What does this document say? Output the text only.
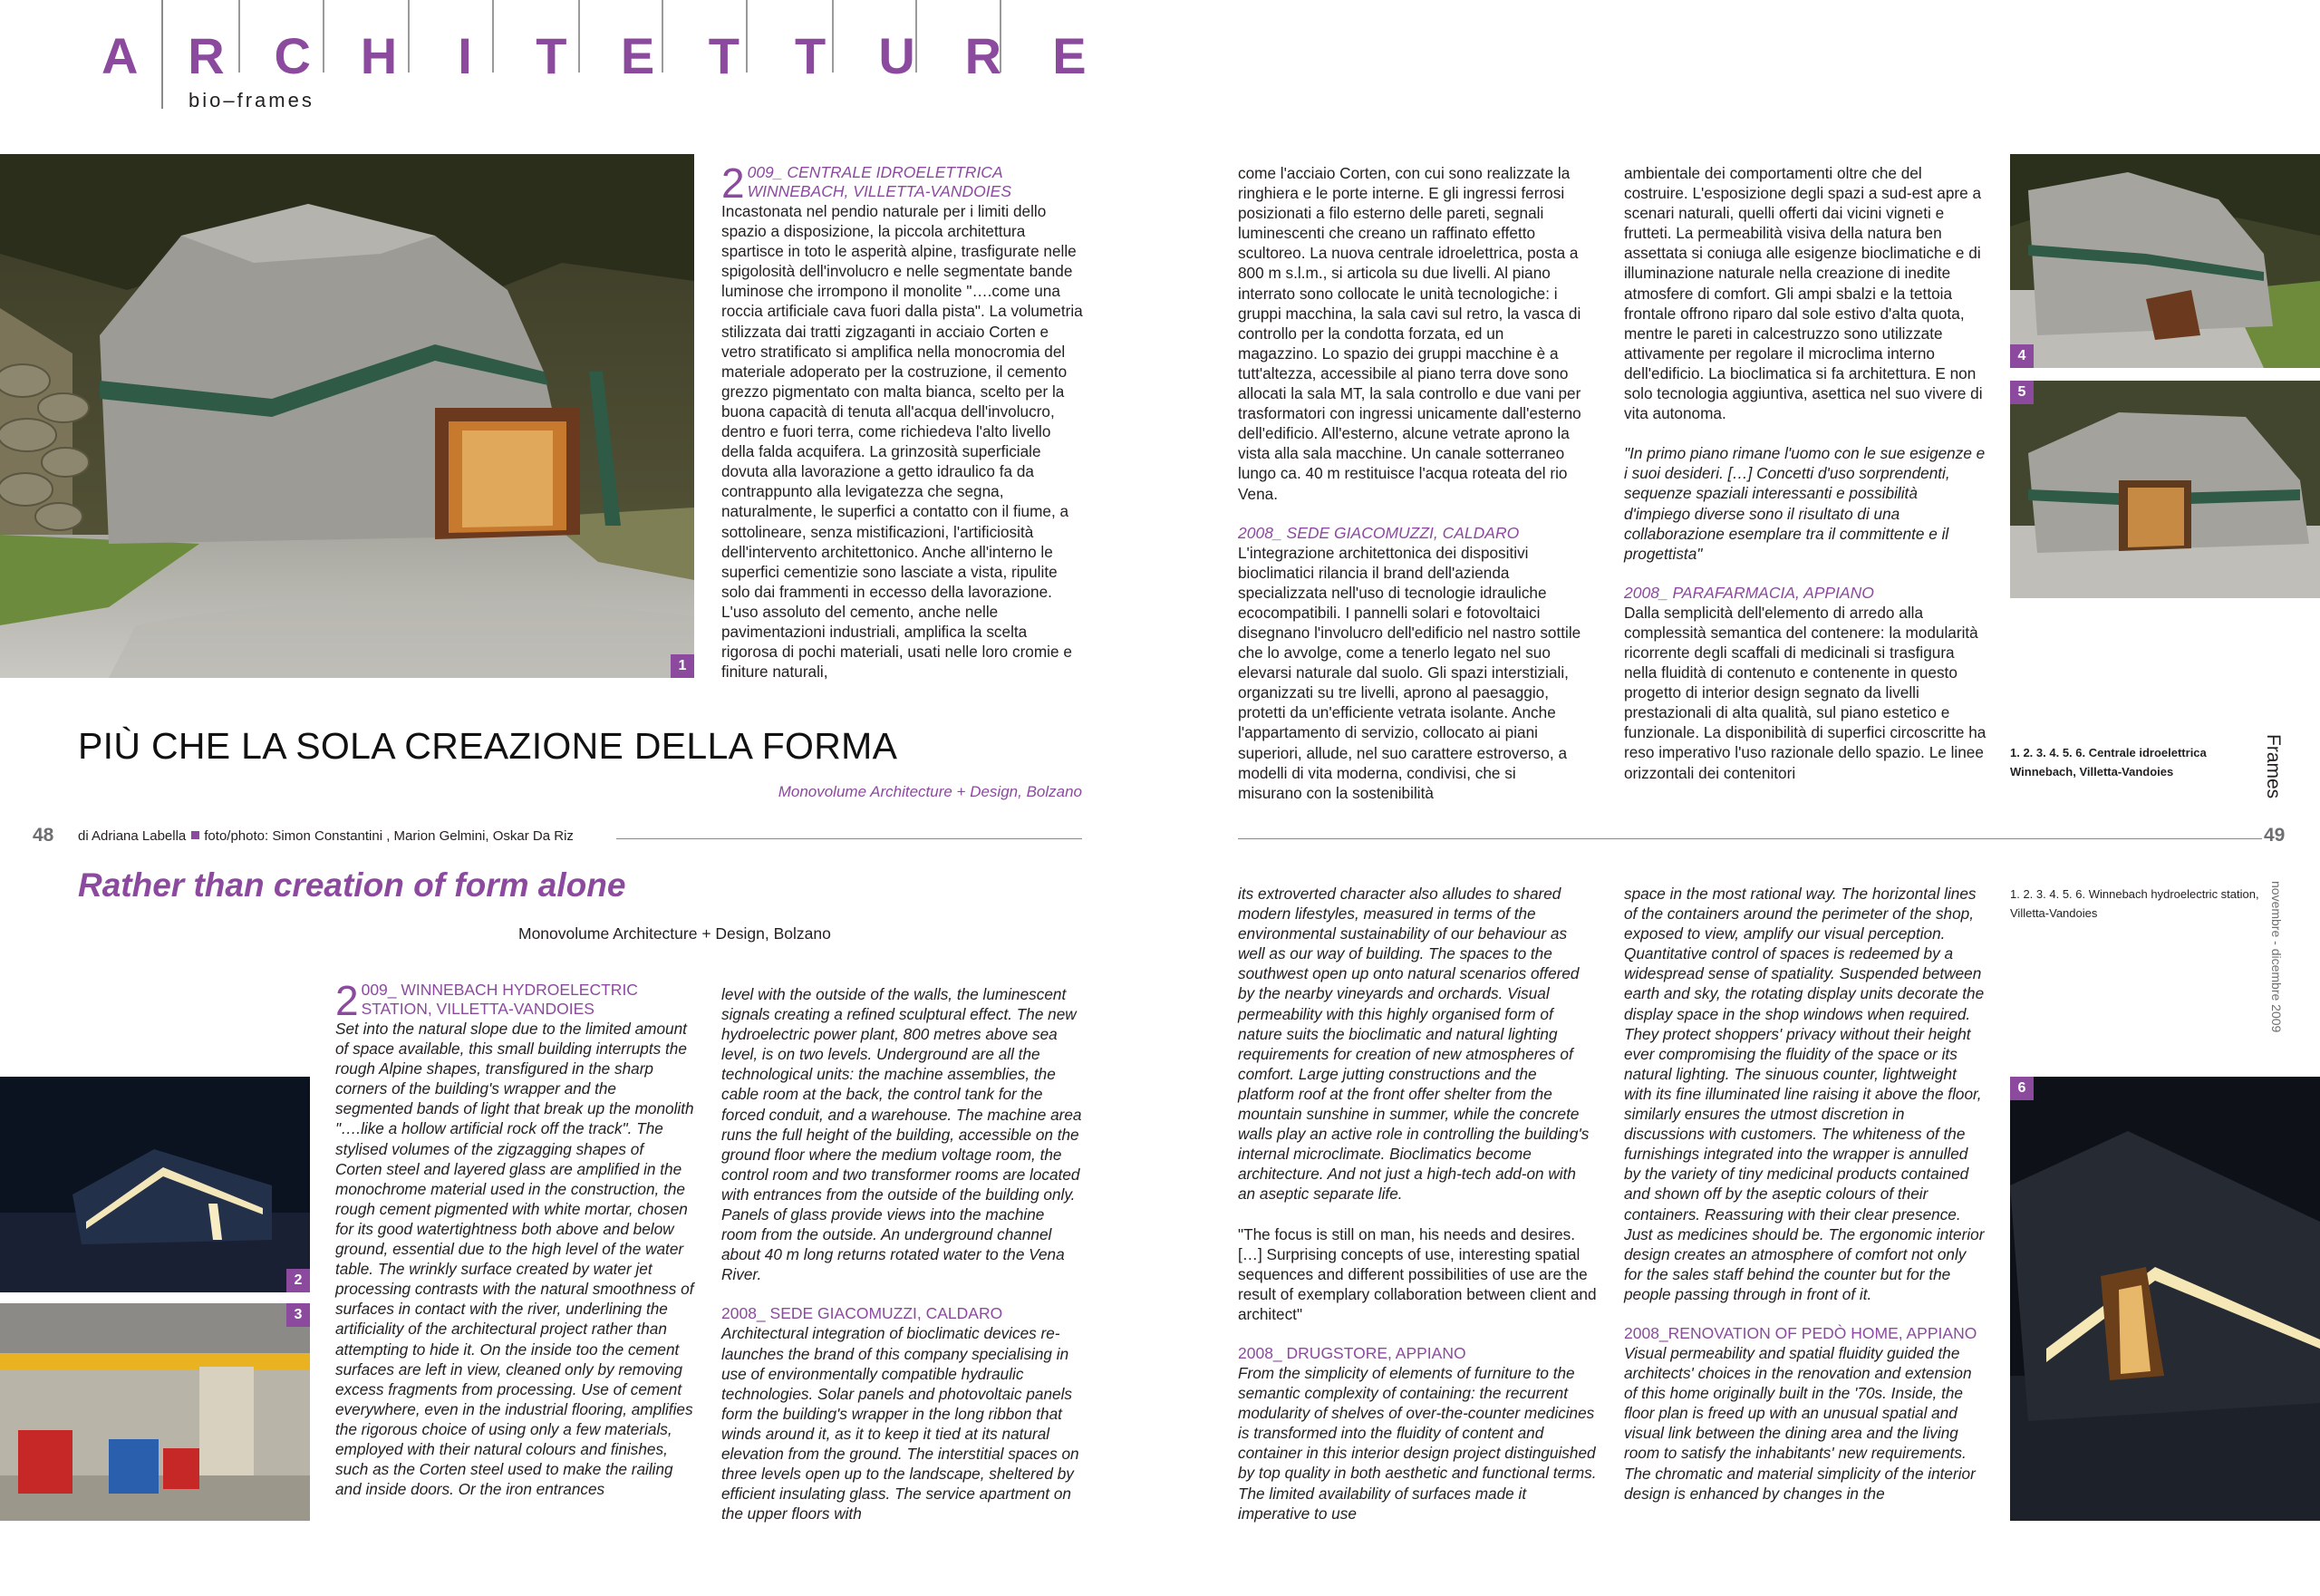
A R C H I T E T T U R E
bio–frames
1
4
5
2
3
6
2 009_ CENTRALE IDROELETTRICA
WINNEBACH, VILLETTA-VANDOIES

Incastonata nel pendio naturale per i limiti dello spazio a disposizione, la piccola architettura spartisce in toto le asperità alpine, trasfigurate nelle spigolosità dell'involucro e nelle segmentate bande luminose che irrompono il monolite "….come una roccia artificiale cava fuori dalla pista". La volumetria stilizzata dai tratti zigzaganti in acciaio Corten e vetro stratificato si amplifica nella monocromia del materiale adoperato per la costruzione, il cemento grezzo pigmentato con malta bianca, scelto per la buona capacità di tenuta all'acqua dell'involucro, dentro e fuori terra, come richiedeva l'alto livello della falda acquifera. La grinzosità superficiale dovuta alla lavorazione a getto idraulico fa da contrappunto alla levigatezza che segna, naturalmente, le superfici a contatto con il fiume, a sottolineare, senza mistificazioni, l'artificiosità dell'intervento architettonico. Anche all'interno le superfici cementizie sono lasciate a vista, ripulite solo dai frammenti in eccesso della lavorazione. L'uso assoluto del cemento, anche nelle pavimentazioni industriali, amplifica la scelta rigorosa di pochi materiali, usati nelle loro cromie e finiture naturali,

come l'acciaio Corten, con cui sono realizzate la ringhiera e le porte interne. E gli ingressi ferrosi posizionati a filo esterno delle pareti, segnali luminescenti che creano un raffinato effetto scultoreo. La nuova centrale idroelettrica, posta a 800 m s.l.m., si articola su due livelli. Al piano interrato sono collocate le unità tecnologiche: i gruppi macchina, la sala cavi sul retro, la vasca di controllo per la condotta forzata, ed un magazzino. Lo spazio dei gruppi macchine è a tutt'altezza, accessibile al piano terra dove sono allocati la sala MT, la sala controllo e due vani per trasformatori con ingressi unicamente dall'esterno dell'edificio. All'esterno, alcune vetrate aprono la vista alla sala macchine. Un canale sotterraneo lungo ca. 40 m restituisce l'acqua roteata del rio Vena.

2008_ SEDE GIACOMUZZI, CALDARO

L'integrazione architettonica dei dispositivi bioclimatici rilancia il brand dell'azienda specializzata nell'uso di tecnologie idrauliche ecocompatibili. I pannelli solari e fotovoltaici disegnano l'involucro dell'edificio nel nastro sottile che lo avvolge, come a tenerlo legato nel suo elevarsi naturale dal suolo. Gli spazi interstiziali, organizzati su tre livelli, aprono al paesaggio, protetti da un'efficiente vetrata isolante. Anche l'appartamento di servizio, collocato ai piani superiori, allude, nel suo carattere estroverso, a modelli di vita moderna, condivisi, che si misurano con la sostenibilità

ambientale dei comportamenti oltre che del costruire. L'esposizione degli spazi a sud-est apre a scenari naturali, quelli offerti dai vicini vigneti e frutteti. La permeabilità visiva della natura ben assettata si coniuga alle esigenze bioclimatiche e di illuminazione naturale nella creazione di inedite atmosfere di comfort. Gli ampi sbalzi e la tettoia frontale offrono riparo dal sole estivo d'alta quota, mentre le pareti in calcestruzzo sono utilizzate attivamente per regolare il microclima interno dell'edificio. La bioclimatica si fa architettura. E non solo tecnologia aggiuntiva, asettica nel suo vivere di vita autonoma.

"In primo piano rimane l'uomo con le sue esigenze e i suoi desideri. […] Concetti d'uso sorprendenti, sequenze spaziali interessanti e possibilità d'impiego diverse sono il risultato di una collaborazione esemplare tra il committente e il progettista"

2008_ PARAFARMACIA, APPIANO

Dalla semplicità dell'elemento di arredo alla complessità semantica del contenere: la modularità ricorrente degli scaffali di medicinali si trasfigura nella fluidità di contenuto e contenente in questo progetto di interior design segnato da livelli prestazionali di alta qualità, sul piano estetico e funzionale. La disponibilità di superfici circoscritte ha reso imperativo l'uso razionale dello spazio. Le linee orizzontali dei contenitori

PIÙ CHE LA SOLA CREAZIONE DELLA FORMA
Monovolume Architecture + Design, Bolzano
48 di Adriana Labella foto/photo: Simon Constantini , Marion Gelmini, Oskar Da Riz	49
Frames
novembre - dicembre 2009
1. 2. 3. 4. 5. 6. Centrale idroelettrica
Winnebach, Villetta-Vandoies
1. 2. 3. 4. 5. 6. Winnebach hydroelectric station,
Villetta-Vandoies
Rather than creation of form alone
Monovolume Architecture + Design, Bolzano
2 009_ WINNEBACH HYDROELECTRIC
STATION, VILLETTA-VANDOIES

Set into the natural slope due to the limited amount of space available, this small building interrupts the rough Alpine shapes, transfigured in the sharp corners of the building's wrapper and the segmented bands of light that break up the monolith "….like a hollow artificial rock off the track". The stylised volumes of the zigzagging shapes of Corten steel and layered glass are amplified in the monochrome material used in the construction, the rough cement pigmented with white mortar, chosen for its good watertightness both above and below ground, essential due to the high level of the water table. The wrinkly surface created by water jet processing contrasts with the natural smoothness of surfaces in contact with the river, underlining the artificiality of the architectural project rather than attempting to hide it. On the inside too the cement surfaces are left in view, cleaned only by removing excess fragments from processing. Use of cement everywhere, even in the industrial flooring, amplifies the rigorous choice of using only a few materials, employed with their natural colours and finishes, such as the Corten steel used to make the railing and inside doors. Or the iron entrances

level with the outside of the walls, the luminescent signals creating a refined sculptural effect. The new hydroelectric power plant, 800 metres above sea level, is on two levels. Underground are all the technological units: the machine assemblies, the cable room at the back, the control tank for the forced conduit, and a warehouse. The machine area runs the full height of the building, accessible on the ground floor where the medium voltage room, the control room and two transformer rooms are located with entrances from the outside of the building only. Panels of glass provide views into the machine room from the outside. An underground channel about 40 m long returns rotated water to the Vena River.

2008_ SEDE GIACOMUZZI, CALDARO

Architectural integration of bioclimatic devices re-launches the brand of this company specialising in use of environmentally compatible hydraulic technologies. Solar panels and photovoltaic panels form the building's wrapper in the long ribbon that winds around it, as it to keep it tied at its natural elevation from the ground. The interstitial spaces on three levels open up to the landscape, sheltered by efficient insulating glass. The service apartment on the upper floors with

its extroverted character also alludes to shared modern lifestyles, measured in terms of the environmental sustainability of our behaviour as well as our way of building. The spaces to the southwest open up onto natural scenarios offered by the nearby vineyards and orchards. Visual permeability with this highly organised form of nature suits the bioclimatic and natural lighting requirements for creation of new atmospheres of comfort. Large jutting constructions and the platform roof at the front offer shelter from the mountain sunshine in summer, while the concrete walls play an active role in controlling the building's internal microclimate. Bioclimatics become architecture. And not just a high-tech add-on with an aseptic separate life.

"The focus is still on man, his needs and desires. […] Surprising concepts of use, interesting spatial sequences and different possibilities of use are the result of exemplary collaboration between client and architect"

2008_ DRUGSTORE, APPIANO

From the simplicity of elements of furniture to the semantic complexity of containing: the recurrent modularity of shelves of over-the-counter medicines is transformed into the fluidity of content and container in this interior design project distinguished by top quality in both aesthetic and functional terms. The limited availability of surfaces made it imperative to use

space in the most rational way. The horizontal lines of the containers around the perimeter of the shop, exposed to view, amplify our visual perception. Quantitative control of spaces is redeemed by a widespread sense of spatiality. Suspended between earth and sky, the rotating display units decorate the display space in the shop windows when required. They protect shoppers' privacy without their height ever compromising the fluidity of the space or its natural lighting. The sinuous counter, lightweight with its fine illuminated line raising it above the floor, similarly ensures the utmost discretion in discussions with customers. The whiteness of the furnishings integrated into the wrapper is annulled by the variety of tiny medicinal products contained and shown off by the aseptic colours of their containers. Reassuring with their clear presence. Just as medicines should be. The ergonomic interior design creates an atmosphere of comfort not only for the sales staff behind the counter but for the people passing through in front of it.

2008_RENOVATION OF PEDÒ HOME, APPIANO

Visual permeability and spatial fluidity guided the architects' choices in the renovation and extension of this home originally built in the '70s. Inside, the floor plan is freed up with an unusual spatial and visual link between the dining area and the living room to satisfy the inhabitants' new requirements. The chromatic and material simplicity of the interior design is enhanced by changes in the
